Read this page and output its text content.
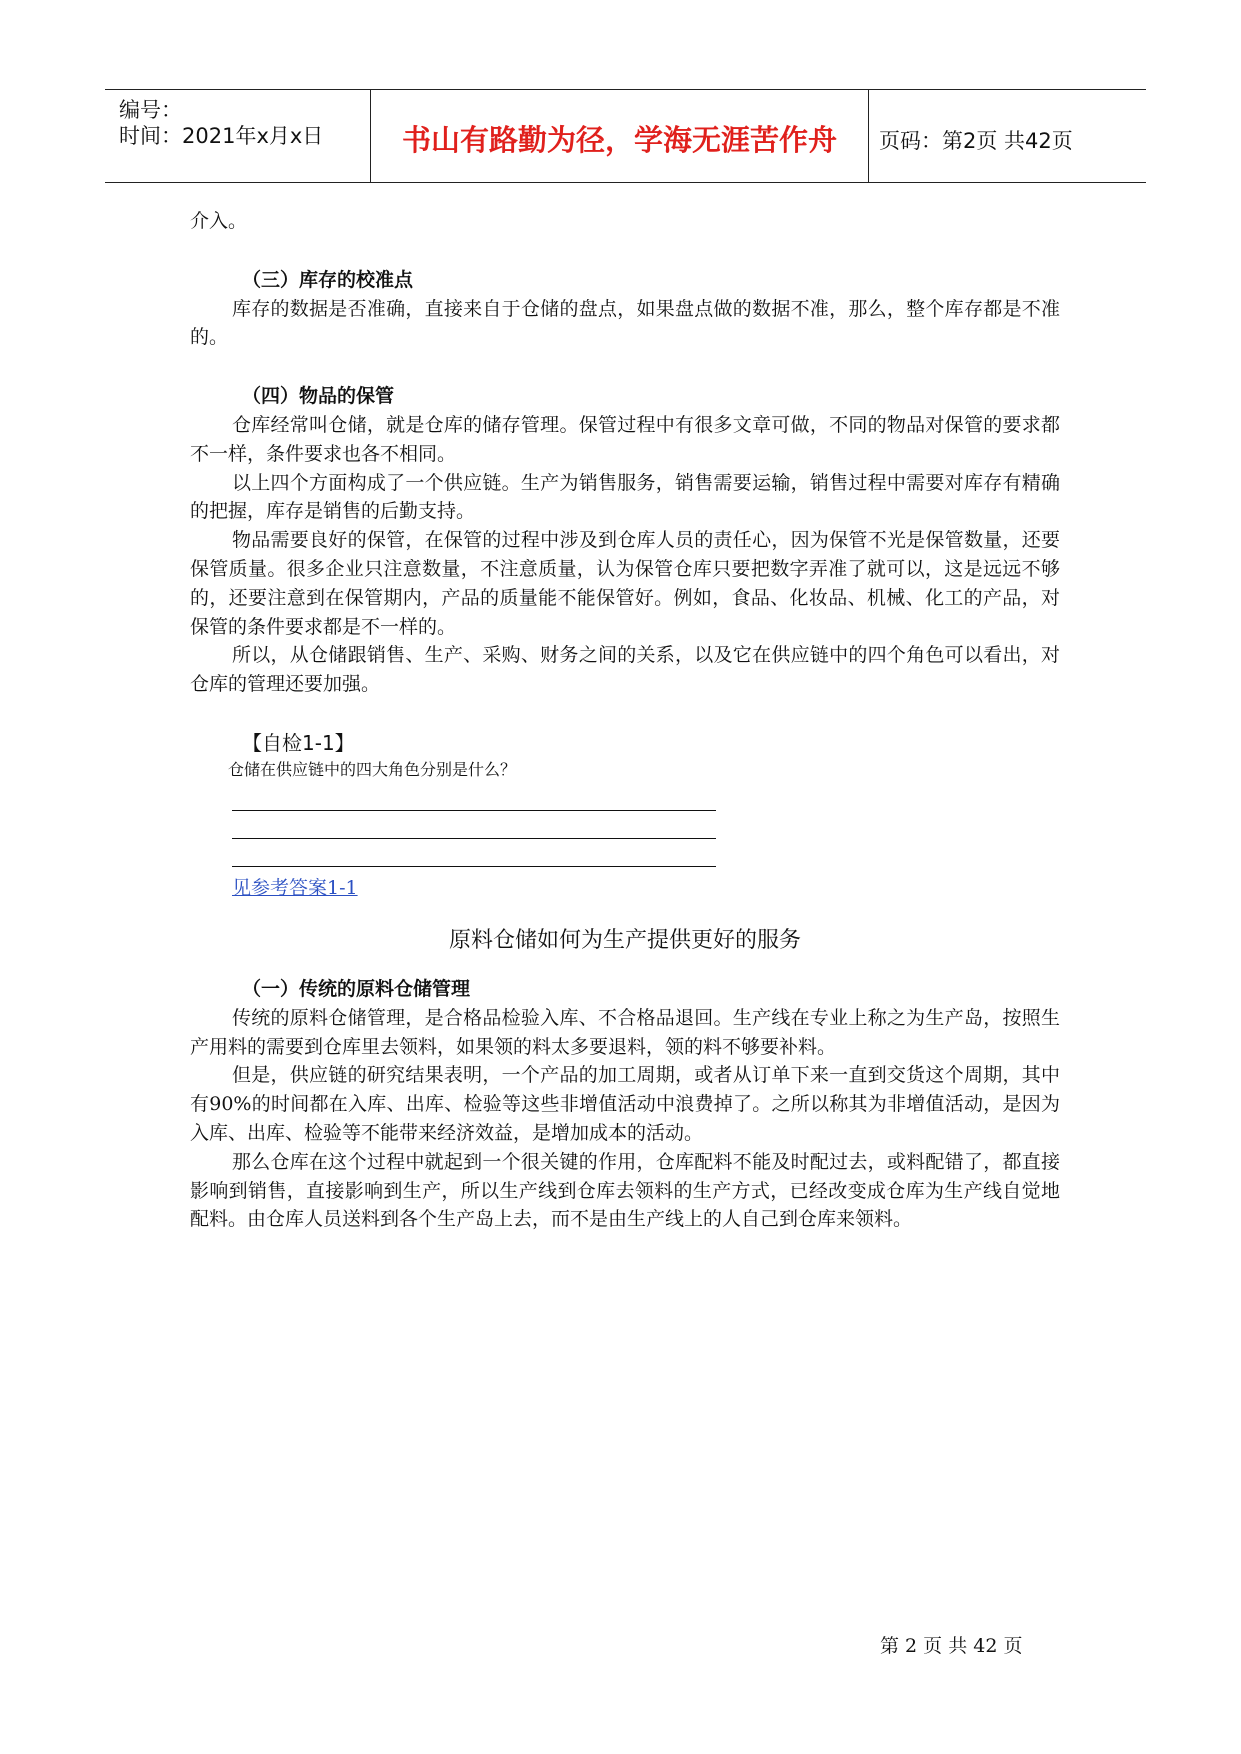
编号：
时间：2021年x月x日	书山有路勤为径，学海无涯苦作舟	页码：第2页 共42页

介入。

（三）库存的校准点

库存的数据是否准确，直接来自于仓储的盘点，如果盘点做的数据不准，那么，整个库存都是不准的。

（四）物品的保管

仓库经常叫仓储，就是仓库的储存管理。保管过程中有很多文章可做，不同的物品对保管的要求都不一样，条件要求也各不相同。

以上四个方面构成了一个供应链。生产为销售服务，销售需要运输，销售过程中需要对库存有精确的把握，库存是销售的后勤支持。

物品需要良好的保管，在保管的过程中涉及到仓库人员的责任心，因为保管不光是保管数量，还要保管质量。很多企业只注意数量，不注意质量，认为保管仓库只要把数字弄准了就可以，这是远远不够的，还要注意到在保管期内，产品的质量能不能保管好。例如，食品、化妆品、机械、化工的产品，对保管的条件要求都是不一样的。

所以，从仓储跟销售、生产、采购、财务之间的关系，以及它在供应链中的四个角色可以看出，对仓库的管理还要加强。

【自检1-1】
仓储在供应链中的四大角色分别是什么？
见参考答案1-1
原料仓储如何为生产提供更好的服务
（一）传统的原料仓储管理

传统的原料仓储管理，是合格品检验入库、不合格品退回。生产线在专业上称之为生产岛，按照生产用料的需要到仓库里去领料，如果领的料太多要退料，领的料不够要补料。

但是，供应链的研究结果表明，一个产品的加工周期，或者从订单下来一直到交货这个周期，其中有90%的时间都在入库、出库、检验等这些非增值活动中浪费掉了。之所以称其为非增值活动，是因为入库、出库、检验等不能带来经济效益，是增加成本的活动。

那么仓库在这个过程中就起到一个很关键的作用，仓库配料不能及时配过去，或料配错了，都直接影响到销售，直接影响到生产，所以生产线到仓库去领料的生产方式，已经改变成仓库为生产线自觉地配料。由仓库人员送料到各个生产岛上去，而不是由生产线上的人自己到仓库来领料。

第 2 页 共 42 页
